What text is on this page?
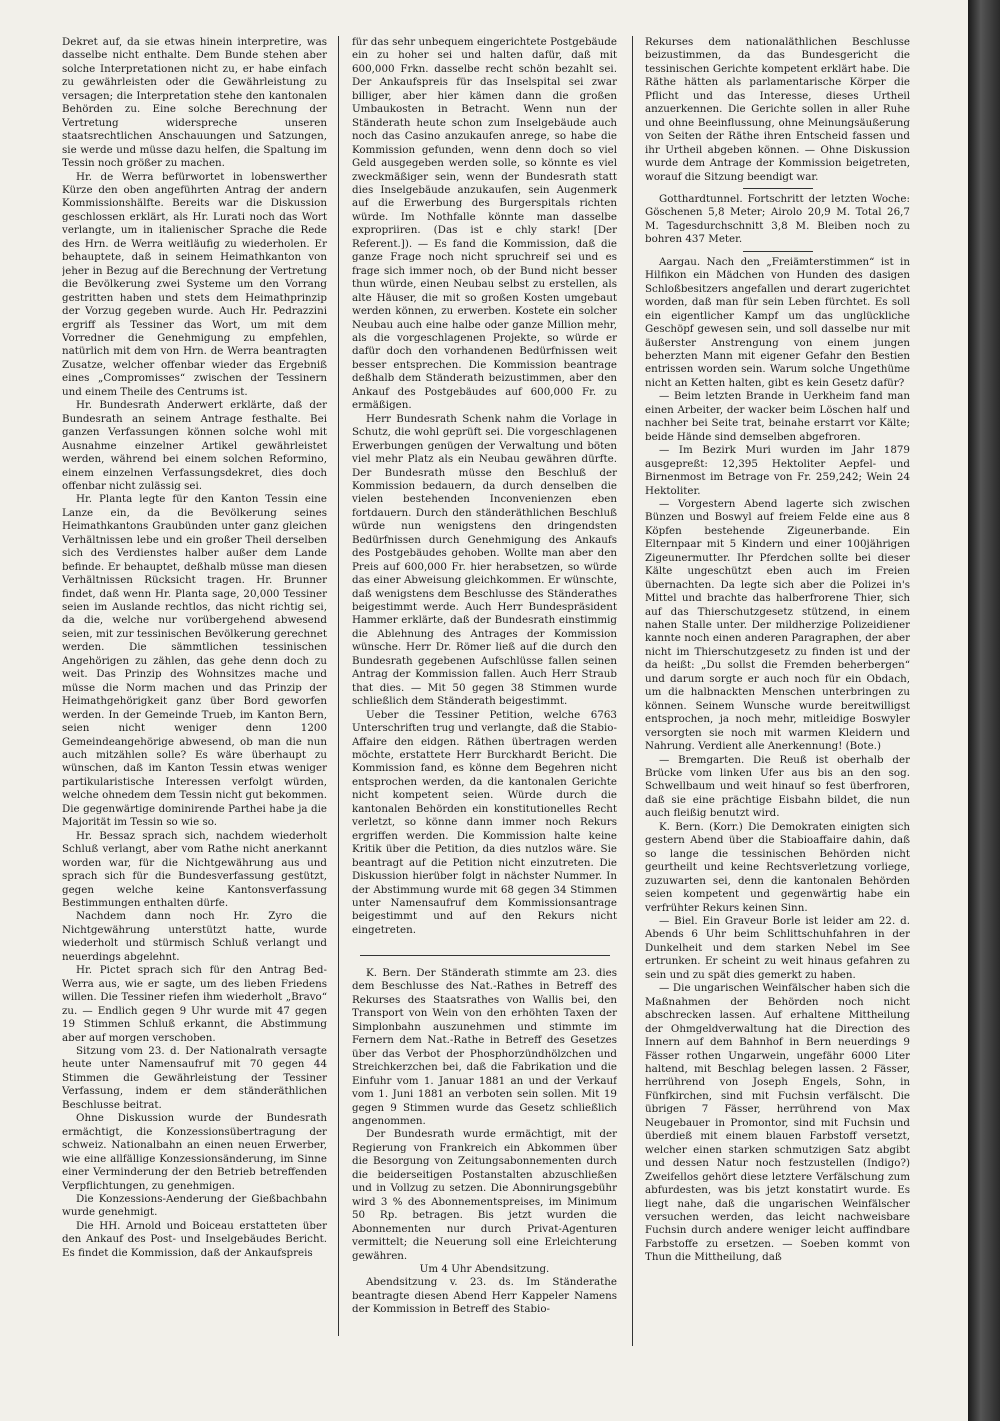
Dekret auf, da sie etwas hinein interpretire, was dasselbe nicht enthalte. Dem Bunde stehen aber solche Interpretationen nicht zu, er habe einfach zu gewährleisten oder die Gewährleistung zu versagen; die Interpretation stehe den kantonalen Behörden zu. Eine solche Berechnung der Vertretung widerspreche unseren staatsrechtlichen Anschauungen und Satzungen, sie werde und müsse dazu helfen, die Spaltung im Tessin noch größer zu machen.

Hr. de Werra befürwortet in lobenswerther Kürze den oben angeführten Antrag der andern Kommissionshälfte. Bereits war die Diskussion geschlossen erklärt, als Hr. Lurati noch das Wort verlangte, um in italienischer Sprache die Rede des Hrn. de Werra weitläufig zu wiederholen. Er behauptete, daß in seinem Heimathkanton von jeher in Bezug auf die Berechnung der Vertretung die Bevölkerung zwei Systeme um den Vorrang gestritten haben und stets dem Heimathprinzip der Vorzug gegeben wurde. Auch Hr. Pedrazzini ergriff als Tessiner das Wort, um mit dem Vorredner die Genehmigung zu empfehlen, natürlich mit dem von Hrn. de Werra beantragten Zusatze, welcher offenbar wieder das Ergebniß eines „Compromisses“ zwischen der Tessinern und einem Theile des Centrums ist.

Hr. Bundesrath Anderwert erklärte, daß der Bundesrath an seinem Antrage festhalte. Bei ganzen Verfassungen können solche wohl mit Ausnahme einzelner Artikel gewährleistet werden, während bei einem solchen Reformino, einem einzelnen Verfassungsdekret, dies doch offenbar nicht zulässig sei.

Hr. Planta legte für den Kanton Tessin eine Lanze ein, da die Bevölkerung seines Heimathkantons Graubünden unter ganz gleichen Verhältnissen lebe und ein großer Theil derselben sich des Verdienstes halber außer dem Lande befinde. Er behauptet, deßhalb müsse man diesen Verhältnissen Rücksicht tragen. Hr. Brunner findet, daß wenn Hr. Planta sage, 20,000 Tessiner seien im Auslande rechtlos, das nicht richtig sei, da die, welche nur vorübergehend abwesend seien, mit zur tessinischen Bevölkerung gerechnet werden. Die sämmtlichen tessinischen Angehörigen zu zählen, das gehe denn doch zu weit. Das Prinzip des Wohnsitzes mache und müsse die Norm machen und das Prinzip der Heimathgehörigkeit ganz über Bord geworfen werden. In der Gemeinde Trueb, im Kanton Bern, seien nicht weniger denn 1200 Gemeindeangehörige abwesend, ob man die nun auch mitzählen solle? Es wäre überhaupt zu wünschen, daß im Kanton Tessin etwas weniger partikularistische Interessen verfolgt würden, welche ohnedem dem Tessin nicht gut bekommen. Die gegenwärtige dominirende Parthei habe ja die Majorität im Tessin so wie so.

Hr. Bessaz sprach sich, nachdem wiederholt Schluß verlangt, aber vom Rathe nicht anerkannt worden war, für die Nichtgewährung aus und sprach sich für die Bundesverfassung gestützt, gegen welche keine Kantonsverfassung Bestimmungen enthalten dürfe.

Nachdem dann noch Hr. Zyro die Nichtgewährung unterstützt hatte, wurde wiederholt und stürmisch Schluß verlangt und neuerdings abgelehnt.

Hr. Pictet sprach sich für den Antrag Bed-Werra aus, wie er sagte, um des lieben Friedens willen. Die Tessiner riefen ihm wiederholt „Bravo“ zu. — Endlich gegen 9 Uhr wurde mit 47 gegen 19 Stimmen Schluß erkannt, die Abstimmung aber auf morgen verschoben.

Sitzung vom 23. d. Der Nationalrath versagte heute unter Namensaufruf mit 70 gegen 44 Stimmen die Gewährleistung der Tessiner Verfassung, indem er dem ständeräthlichen Beschlusse beitrat.

Ohne Diskussion wurde der Bundesrath ermächtigt, die Konzessionsübertragung der schweiz. Nationalbahn an einen neuen Erwerber, wie eine allfällige Konzessionsänderung, im Sinne einer Verminderung der den Betrieb betreffenden Verpflichtungen, zu genehmigen.

Die Konzessions-Aenderung der Gießbachbahn wurde genehmigt.

Die HH. Arnold und Boiceau erstatteten über den Ankauf des Post- und Inselgebäudes Bericht. Es findet die Kommission, daß der Ankaufspreis

für das sehr unbequem eingerichtete Postgebäude ein zu hoher sei und halten dafür, daß mit 600,000 Frkn. dasselbe recht schön bezahlt sei. Der Ankaufspreis für das Inselspital sei zwar billiger, aber hier kämen dann die großen Umbaukosten in Betracht. Wenn nun der Ständerath heute schon zum Inselgebäude auch noch das Casino anzukaufen anrege, so habe die Kommission gefunden, wenn denn doch so viel Geld ausgegeben werden solle, so könnte es viel zweckmäßiger sein, wenn der Bundesrath statt dies Inselgebäude anzukaufen, sein Augenmerk auf die Erwerbung des Burgerspitals richten würde. Im Nothfalle könnte man dasselbe expropriiren. (Das ist e chly stark! [Der Referent.]). — Es fand die Kommission, daß die ganze Frage noch nicht spruchreif sei und es frage sich immer noch, ob der Bund nicht besser thun würde, einen Neubau selbst zu erstellen, als alte Häuser, die mit so großen Kosten umgebaut werden können, zu erwerben. Kostete ein solcher Neubau auch eine halbe oder ganze Million mehr, als die vorgeschlagenen Projekte, so würde er dafür doch den vorhandenen Bedürfnissen weit besser entsprechen. Die Kommission beantrage deßhalb dem Ständerath beizustimmen, aber den Ankauf des Postgebäudes auf 600,000 Fr. zu ermäßigen.

Herr Bundesrath Schenk nahm die Vorlage in Schutz, die wohl geprüft sei. Die vorgeschlagenen Erwerbungen genügen der Verwaltung und böten viel mehr Platz als ein Neubau gewähren dürfte. Der Bundesrath müsse den Beschluß der Kommission bedauern, da durch denselben die vielen bestehenden Inconvenienzen eben fortdauern. Durch den ständeräthlichen Beschluß würde nun wenigstens den dringendsten Bedürfnissen durch Genehmigung des Ankaufs des Postgebäudes gehoben. Wollte man aber den Preis auf 600,000 Fr. hier herabsetzen, so würde das einer Abweisung gleichkommen. Er wünschte, daß wenigstens dem Beschlusse des Ständerathes beigestimmt werde. Auch Herr Bundespräsident Hammer erklärte, daß der Bundesrath einstimmig die Ablehnung des Antrages der Kommission wünsche. Herr Dr. Römer ließ auf die durch den Bundesrath gegebenen Aufschlüsse fallen seinen Antrag der Kommission fallen. Auch Herr Straub that dies. — Mit 50 gegen 38 Stimmen wurde schließlich dem Ständerath beigestimmt.

Ueber die Tessiner Petition, welche 6763 Unterschriften trug und verlangte, daß die Stabio-Affaire den eidgen. Räthen übertragen werden möchte, erstattete Herr Burckhardt Bericht. Die Kommission fand, es könne dem Begehren nicht entsprochen werden, da die kantonalen Gerichte nicht kompetent seien. Würde durch die kantonalen Behörden ein konstitutionelles Recht verletzt, so könne dann immer noch Rekurs ergriffen werden. Die Kommission halte keine Kritik über die Petition, da dies nutzlos wäre. Sie beantragt auf die Petition nicht einzutreten. Die Diskussion hierüber folgt in nächster Nummer. In der Abstimmung wurde mit 68 gegen 34 Stimmen unter Namensaufruf dem Kommissionsantrage beigestimmt und auf den Rekurs nicht eingetreten.

K. Bern. Der Ständerath stimmte am 23. dies dem Beschlusse des Nat.-Rathes in Betreff des Rekurses des Staatsrathes von Wallis bei, den Transport von Wein von den erhöhten Taxen der Simplonbahn auszunehmen und stimmte im Fernern dem Nat.-Rathe in Betreff des Gesetzes über das Verbot der Phosphorzündhölzchen und Streichkerzchen bei, daß die Fabrikation und die Einfuhr vom 1. Januar 1881 an und der Verkauf vom 1. Juni 1881 an verboten sein sollen. Mit 19 gegen 9 Stimmen wurde das Gesetz schließlich angenommen.

Der Bundesrath wurde ermächtigt, mit der Regierung von Frankreich ein Abkommen über die Besorgung von Zeitungsabonnementen durch die beiderseitigen Postanstalten abzuschließen und in Vollzug zu setzen. Die Abonnirungsgebühr wird 3 % des Abonnementspreises, im Minimum 50 Rp. betragen. Bis jetzt wurden die Abonnementen nur durch Privat-Agenturen vermittelt; die Neuerung soll eine Erleichterung gewähren.

Um 4 Uhr Abendsitzung.

Abendsitzung v. 23. ds. Im Ständerathe beantragte diesen Abend Herr Kappeler Namens der Kommission in Betreff des Stabio-

Rekurses dem nationaläthlichen Beschlusse beizustimmen, da das Bundesgericht die tessinischen Gerichte kompetent erklärt habe. Die Räthe hätten als parlamentarische Körper die Pflicht und das Interesse, dieses Urtheil anzuerkennen. Die Gerichte sollen in aller Ruhe und ohne Beeinflussung, ohne Meinungsäußerung von Seiten der Räthe ihren Entscheid fassen und ihr Urtheil abgeben können. — Ohne Diskussion wurde dem Antrage der Kommission beigetreten, worauf die Sitzung beendigt war.

Gotthardtunnel. Fortschritt der letzten Woche: Göschenen 5,8 Meter; Airolo 20,9 M. Total 26,7 M. Tagesdurchschnitt 3,8 M. Bleiben noch zu bohren 437 Meter.

Aargau. Nach den „Freiämterstimmen“ ist in Hilfikon ein Mädchen von Hunden des dasigen Schloßbesitzers angefallen und derart zugerichtet worden, daß man für sein Leben fürchtet. Es soll ein eigentlicher Kampf um das unglückliche Geschöpf gewesen sein, und soll dasselbe nur mit äußerster Anstrengung von einem jungen beherzten Mann mit eigener Gefahr den Bestien entrissen worden sein. Warum solche Ungethüme nicht an Ketten halten, gibt es kein Gesetz dafür?

— Beim letzten Brande in Uerkheim fand man einen Arbeiter, der wacker beim Löschen half und nachher bei Seite trat, beinahe erstarrt vor Kälte; beide Hände sind demselben abgefroren.

— Im Bezirk Muri wurden im Jahr 1879 ausgepreßt: 12,395 Hektoliter Aepfel- und Birnenmost im Betrage von Fr. 259,242; Wein 24 Hektoliter.

— Vorgestern Abend lagerte sich zwischen Bünzen und Boswyl auf freiem Felde eine aus 8 Köpfen bestehende Zigeunerbande. Ein Elternpaar mit 5 Kindern und einer 100jährigen Zigeunermutter. Ihr Pferdchen sollte bei dieser Kälte ungeschützt eben auch im Freien übernachten. Da legte sich aber die Polizei in's Mittel und brachte das halberfrorene Thier, sich auf das Thierschutzgesetz stützend, in einem nahen Stalle unter. Der mildherzige Polizeidiener kannte noch einen anderen Paragraphen, der aber nicht im Thierschutzgesetz zu finden ist und der da heißt: „Du sollst die Fremden beherbergen“ und darum sorgte er auch noch für ein Obdach, um die halbnackten Menschen unterbringen zu können. Seinem Wunsche wurde bereitwilligst entsprochen, ja noch mehr, mitleidige Boswyler versorgten sie noch mit warmen Kleidern und Nahrung. Verdient alle Anerkennung! (Bote.)

— Bremgarten. Die Reuß ist oberhalb der Brücke vom linken Ufer aus bis an den sog. Schwellbaum und weit hinauf so fest überfroren, daß sie eine prächtige Eisbahn bildet, die nun auch fleißig benutzt wird.

K. Bern. (Korr.) Die Demokraten einigten sich gestern Abend über die Stabioaffaire dahin, daß so lange die tessinischen Behörden nicht geurtheilt und keine Rechtsverletzung vorliege, zuzuwarten sei, denn die kantonalen Behörden seien kompetent und gegenwärtig habe ein verfrühter Rekurs keinen Sinn.

— Biel. Ein Graveur Borle ist leider am 22. d. Abends 6 Uhr beim Schlittschuhfahren in der Dunkelheit und dem starken Nebel im See ertrunken. Er scheint zu weit hinaus gefahren zu sein und zu spät dies gemerkt zu haben.

— Die ungarischen Weinfälscher haben sich die Maßnahmen der Behörden noch nicht abschrecken lassen. Auf erhaltene Mittheilung der Ohmgeldverwaltung hat die Direction des Innern auf dem Bahnhof in Bern neuerdings 9 Fässer rothen Ungarwein, ungefähr 6000 Liter haltend, mit Beschlag belegen lassen. 2 Fässer, herrührend von Joseph Engels, Sohn, in Fünfkirchen, sind mit Fuchsin verfälscht. Die übrigen 7 Fässer, herrührend von Max Neugebauer in Promontor, sind mit Fuchsin und überdieß mit einem blauen Farbstoff versetzt, welcher einen starken schmutzigen Satz abgibt und dessen Natur noch festzustellen (Indigo?) Zweifellos gehört diese letztere Verfälschung zum abfurdesten, was bis jetzt konstatirt wurde. Es liegt nahe, daß die ungarischen Weinfälscher versuchen werden, das leicht nachweisbare Fuchsin durch andere weniger leicht auffindbare Farbstoffe zu ersetzen. — Soeben kommt von Thun die Mittheilung, daß
